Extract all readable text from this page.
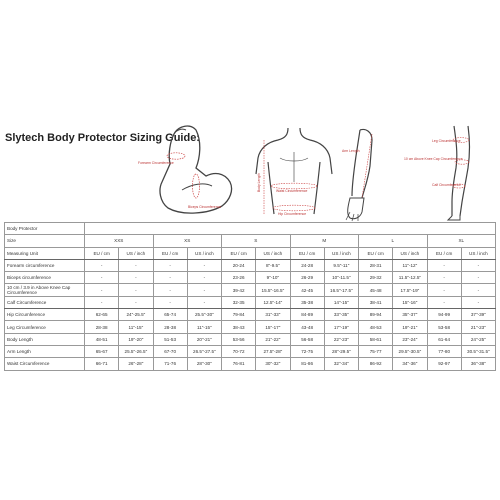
Slytech Body Protector Sizing Guide:
Forearm Circumference
Biceps Circumference
Body Length	Waist Circumference
Hip Circumference
Arm Length
10 cm Above Knee Cap Circumference
Leg Circumference
Calf Circumference
Body Protector												
Size	XXS		XS		S		M		L		XL	
Measuring Unit	EU / cm	US / inch	EU / cm	US / inch	EU / cm	US / inch	EU / cm	US / inch	EU / cm	US / inch	EU / cm	US / inch
Forearm circumference	-	-	-	-	20-24	8"-9.5"	24-28	9.5"-11"	28-31	11"-12"	-	-
Biceps circumference	-	-	-	-	23-26	9"-10"	26-29	10"-11.5"	29-32	11.5"-12.5"	-	-
10 cm / 3.9 in Above Knee Cap Circumference	-	-	-	-	39-42	15.5"-16.5"	42-45	16.5"-17.5"	45-48	17.5"-19"	-	-
Calf Circumference	-	-	-	-	32-35	12.5"-14"	35-38	14"-15"	38-41	15"-16"	-	-
Hip Circumference	62-65	24"-25.5"	65-74	25.5"-30"	79-84	31"-33"	84-89	33"-35"	89-94	35"-37"	94-99	37"-39"
Leg Circumference	28-38	11"-15"	28-38	11"-15"	38-43	15"-17"	43-48	17"-19"	48-53	19"-21"	53-58	21"-23"
Body Length	48-51	19"-20"	51-53	20"-21"	53-56	21"-22"	56-58	22"-23"	58-61	23"-24"	61-64	24"-25"
Arm Length	65-67	25.5"-26.5"	67-70	26.5"-27.5"	70-72	27.5"-28"	72-75	28"-29.5"	75-77	29.5"-30.5"	77-80	30.5"-31.5"
Waist Circumference	66-71	26"-28"	71-76	28"-30"	76-81	30"-32"	81-86	32"-34"	86-92	34"-36"	92-97	36"-38"
